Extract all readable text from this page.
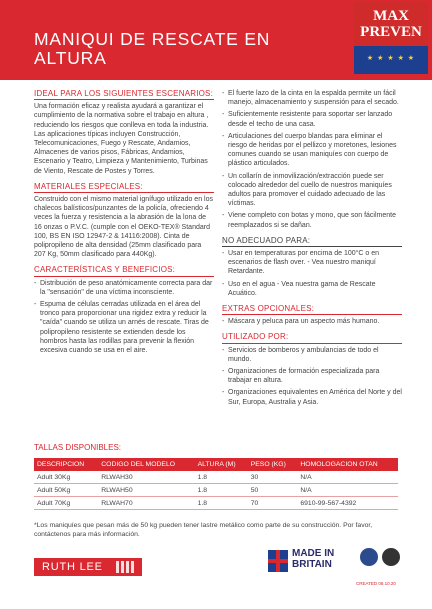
MANIQUI DE RESCATE EN ALTURA
MAX
PREVEN
★ ★ ★ ★ ★
IDEAL PARA LOS SIGUIENTES ESCENARIOS:

Una formación eficaz y realista ayudará a garantizar el cumplimiento de la normativa sobre el trabajo en altura , reduciendo los riesgos que conlleva en toda la industria. Las aplicaciones típicas incluyen Construcción, Telecomunicaciones, Fuego y Rescate, Andamios, Almacenes de varios pisos, Fábricas, Andamios, Escenario y Teatro, Limpieza y Mantenimiento, Turbinas de Viento, Rescate de Postes y Torres.

MATERIALES ESPECIALES:

Construido con el mismo material ignífugo utilizado en los chalecos balísticos/punzantes de la policía, ofreciendo 4 veces la fuerza y resistencia a la abrasión de la lona de 16 onzas o P.V.C. (cumple con el OEKO-TEX® Standard 100, BS EN ISO 12947-2 & 14116:2008). Cinta de polipropileno de alta densidad (25mm clasificado para 207 Kg, 50mm clasificado para 440Kg).

CARACTERÍSTICAS Y BENEFICIOS:
- Distribución de peso anatómicamente correcta para dar la "sensación" de una víctima inconsciente.
- Espuma de células cerradas utilizada en el área del tronco para proporcionar una rigidez extra y reducir la "caída" cuando se utiliza un arnés de rescate. Tiras de polipropileno resistente se extienden desde los hombros hasta las rodillas para prevenir la flexión excesiva cuando se usa en el aire.
- El fuerte lazo de la cinta en la espalda permite un fácil manejo, almacenamiento y suspensión para el secado.
- Suficientemente resistente para soportar ser lanzado desde el techo de una casa.
- Articulaciones del cuerpo blandas para eliminar el riesgo de heridas por el pellizco y moretones, lesiones comunes cuando se usan maniquíes con cuerpo de plástico articulados.
- Un collarín de inmovilización/extracción puede ser colocado alrededor del cuello de nuestros maniquíes adultos para promover el cuidado adecuado de las víctimas.
- Viene completo con botas y mono, que son fácilmente reemplazados si se dañan.
NO ADECUADO PARA:
- Usar en temperaturas por encima de 100°C o en escenarios de flash over. - Vea nuestro maniquí Retardante.
- Uso en el agua - Vea nuestra gama de Rescate Acuático.
EXTRAS OPCIONALES:
- Máscara y peluca para un aspecto más humano.
UTILIZADO POR:
- Servicios de bomberos y ambulancias de todo el mundo.
- Organizaciones de formación especializada para trabajar en altura.
- Organizaciones equivalentes en América del Norte y del Sur, Europa, Australia y Asia.
TALLAS DISPONIBLES:
DESCRIPCION	CODIGO DEL MODELO	ALTURA (M)	PESO (KG)	HOMOLOGACION OTAN
Adult 30Kg	RLWAH30	1.8	30	N/A
Adult 50Kg	RLWAH50	1.8	50	N/A
Adult 70Kg	RLWAH70	1.8	70	6910-99-567-4392

*Los maniquíes que pesan más de 50 kg pueden tener lastre metálico como parte de su construcción. Por favor, contáctenos para más información.

RUTH LEE
MADE IN
BRITAIN
CREATED 08.10.20
